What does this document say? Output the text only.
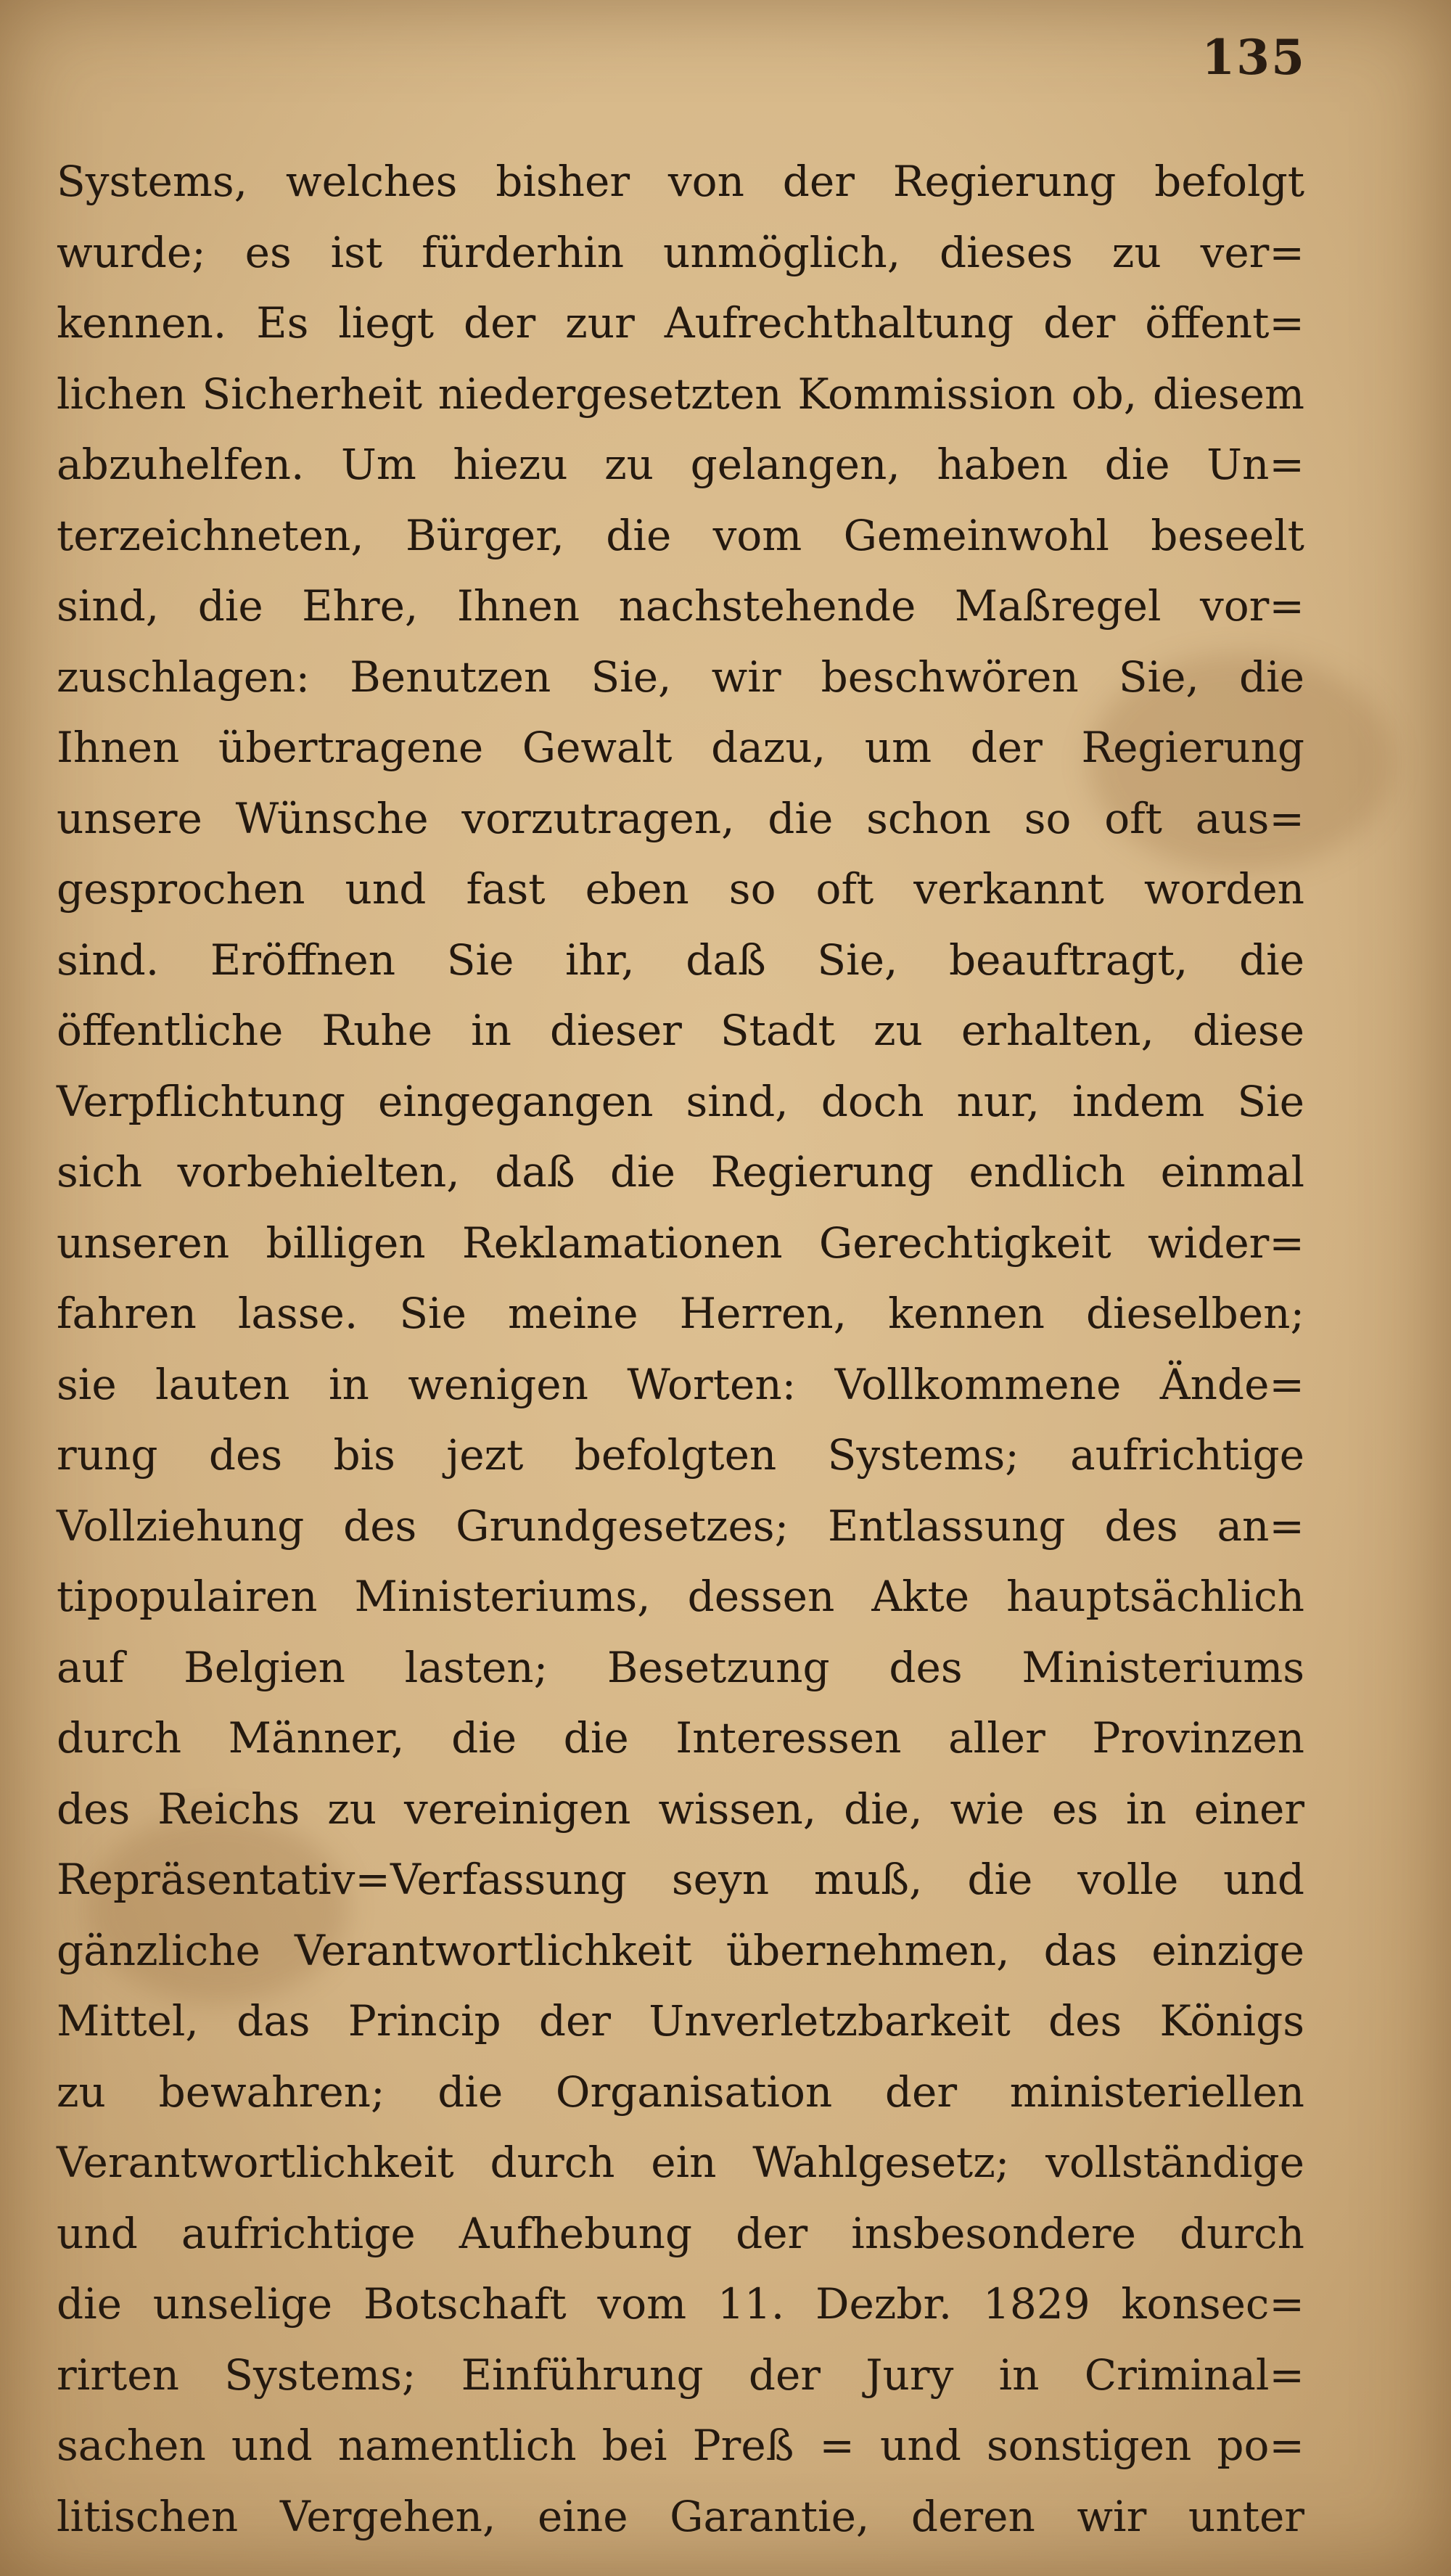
135
Systems, welches bisher von der Regierung befolgt
wurde; es ist fürderhin unmöglich, dieses zu ver=
kennen. Es liegt der zur Aufrechthaltung der öffent=
lichen Sicherheit niedergesetzten Kommission ob, diesem
abzuhelfen. Um hiezu zu gelangen, haben die Un=
terzeichneten, Bürger, die vom Gemeinwohl beseelt
sind, die Ehre, Ihnen nachstehende Maßregel vor=
zuschlagen: Benutzen Sie, wir beschwören Sie, die
Ihnen übertragene Gewalt dazu, um der Regierung
unsere Wünsche vorzutragen, die schon so oft aus=
gesprochen und fast eben so oft verkannt worden
sind. Eröffnen Sie ihr, daß Sie, beauftragt, die
öffentliche Ruhe in dieser Stadt zu erhalten, diese
Verpflichtung eingegangen sind, doch nur, indem Sie
sich vorbehielten, daß die Regierung endlich einmal
unseren billigen Reklamationen Gerechtigkeit wider=
fahren lasse. Sie meine Herren, kennen dieselben;
sie lauten in wenigen Worten: Vollkommene Ände=
rung des bis jezt befolgten Systems; aufrichtige
Vollziehung des Grundgesetzes; Entlassung des an=
tipopulairen Ministeriums, dessen Akte hauptsächlich
auf Belgien lasten; Besetzung des Ministeriums
durch Männer, die die Interessen aller Provinzen
des Reichs zu vereinigen wissen, die, wie es in einer
Repräsentativ=Verfassung seyn muß, die volle und
gänzliche Verantwortlichkeit übernehmen, das einzige
Mittel, das Princip der Unverletzbarkeit des Königs
zu bewahren; die Organisation der ministeriellen
Verantwortlichkeit durch ein Wahlgesetz; vollständige
und aufrichtige Aufhebung der insbesondere durch
die unselige Botschaft vom 11. Dezbr. 1829 konsec=
rirten Systems; Einführung der Jury in Criminal=
sachen und namentlich bei Preß = und sonstigen po=
litischen Vergehen, eine Garantie, deren wir unter
